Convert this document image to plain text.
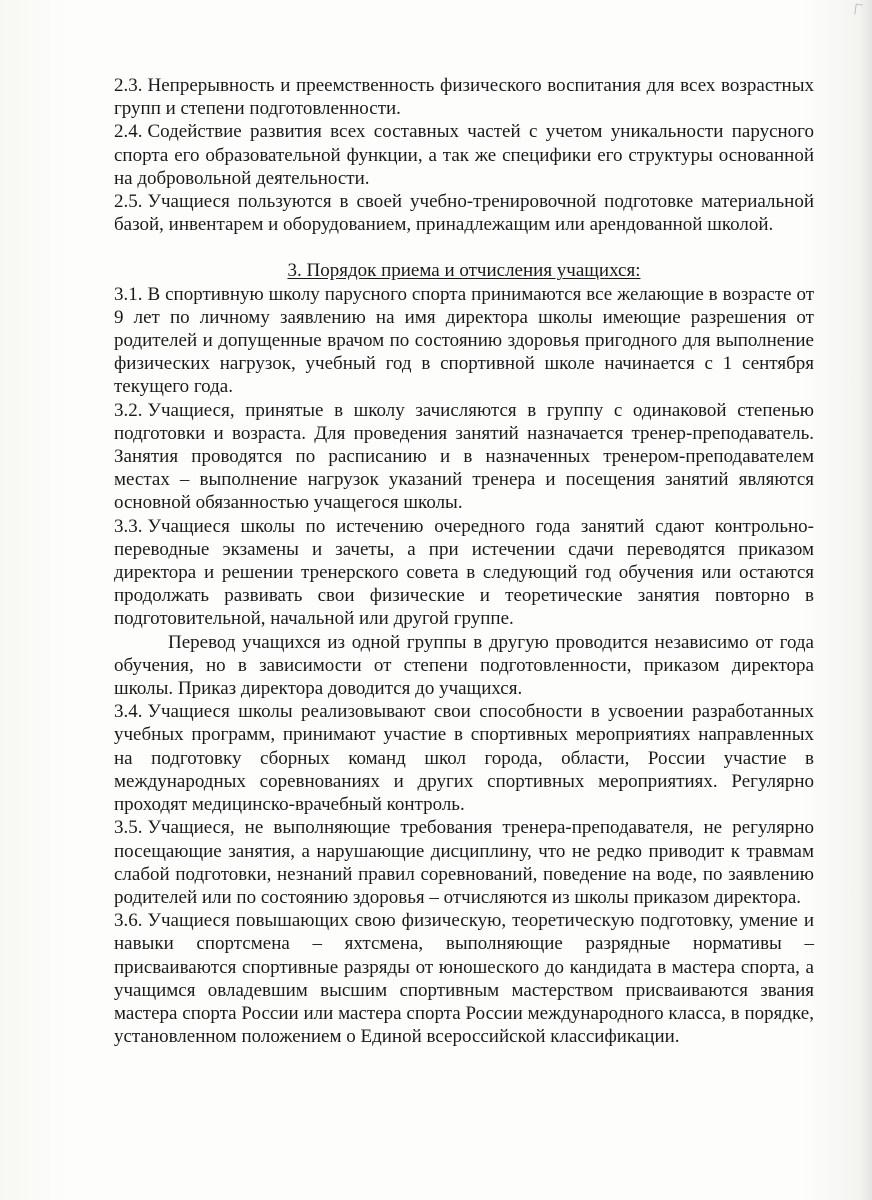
2.3. Непрерывность и преемственность физического воспитания для всех возрастных групп и степени подготовленности.

2.4. Содействие развития всех составных частей с учетом уникальности парусного спорта его образовательной функции, а так же специфики его структуры основанной на добровольной деятельности.

2.5. Учащиеся пользуются в своей учебно-тренировочной подготовке материальной базой, инвентарем и оборудованием, принадлежащим или арендованной школой.

3. Порядок приема и отчисления учащихся:

3.1. В спортивную школу парусного спорта принимаются все желающие в возрасте от 9 лет по личному заявлению на имя директора школы имеющие разрешения от родителей и допущенные врачом по состоянию здоровья пригодного для выполнение физических нагрузок, учебный год в спортивной школе начинается с 1 сентября текущего года.

3.2. Учащиеся, принятые в школу зачисляются в группу с одинаковой степенью подготовки и возраста. Для проведения занятий назначается тренер-преподаватель. Занятия проводятся по расписанию и в назначенных тренером-преподавателем местах – выполнение нагрузок указаний тренера и посещения занятий являются основной обязанностью учащегося школы.

3.3. Учащиеся школы по истечению очередного года занятий сдают контрольно-переводные экзамены и зачеты, а при истечении сдачи переводятся приказом директора и решении тренерского совета в следующий год обучения или остаются продолжать развивать свои физические и теоретические занятия повторно в подготовительной, начальной или другой группе.

Перевод учащихся из одной группы в другую проводится независимо от года обучения, но в зависимости от степени подготовленности, приказом директора школы. Приказ директора доводится до учащихся.

3.4. Учащиеся школы реализовывают свои способности в усвоении разработанных учебных программ, принимают участие в спортивных мероприятиях направленных на подготовку сборных команд школ города, области, России участие в международных соревнованиях и других спортивных мероприятиях. Регулярно проходят медицинско-врачебный контроль.

3.5. Учащиеся, не выполняющие требования тренера-преподавателя, не регулярно посещающие занятия, а нарушающие дисциплину, что не редко приводит к травмам слабой подготовки, незнаний правил соревнований, поведение на воде, по заявлению родителей или по состоянию здоровья – отчисляются из школы приказом директора.

3.6. Учащиеся повышающих свою физическую, теоретическую подготовку, умение и навыки спортсмена – яхтсмена, выполняющие разрядные нормативы – присваиваются спортивные разряды от юношеского до кандидата в мастера спорта, а учащимся овладевшим высшим спортивным мастерством присваиваются звания мастера спорта России или мастера спорта России международного класса, в порядке, установленном положением о Единой всероссийской классификации.
